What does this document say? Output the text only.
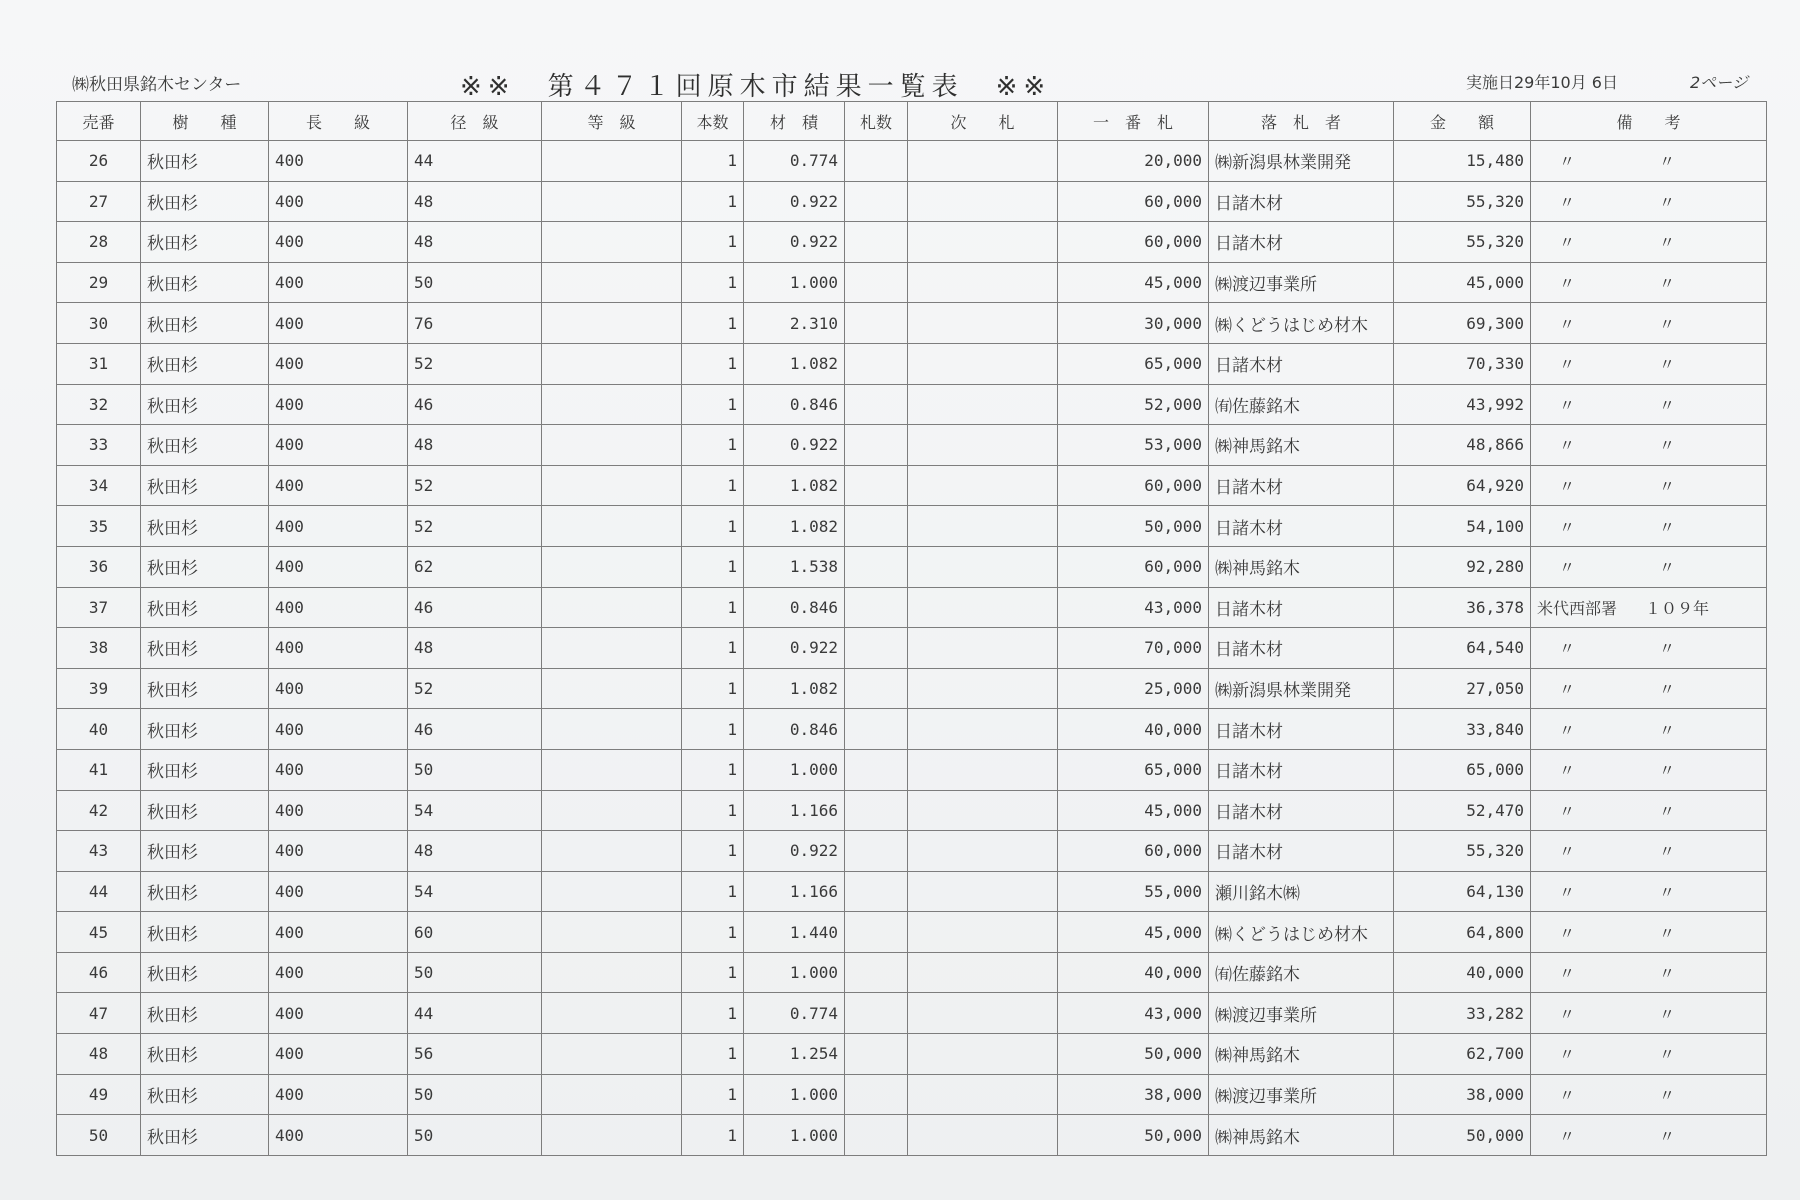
㈱秋田県銘木センター	※※　第４７１回原木市結果一覧表　※※	実施日29年10月 6日	2ページ
売番	樹　　種	長　　級	径　級	等　級	本数	材　積	札数	次　　札	一　番　札	落　札　者	金　　額	備　　考
26	秋田杉	400	44		1	0.774			20,000	㈱新潟県林業開発	15,480	〃 〃
27	秋田杉	400	48		1	0.922			60,000	日諸木材	55,320	〃 〃
28	秋田杉	400	48		1	0.922			60,000	日諸木材	55,320	〃 〃
29	秋田杉	400	50		1	1.000			45,000	㈱渡辺事業所	45,000	〃 〃
30	秋田杉	400	76		1	2.310			30,000	㈱くどうはじめ材木	69,300	〃 〃
31	秋田杉	400	52		1	1.082			65,000	日諸木材	70,330	〃 〃
32	秋田杉	400	46		1	0.846			52,000	㈲佐藤銘木	43,992	〃 〃
33	秋田杉	400	48		1	0.922			53,000	㈱神馬銘木	48,866	〃 〃
34	秋田杉	400	52		1	1.082			60,000	日諸木材	64,920	〃 〃
35	秋田杉	400	52		1	1.082			50,000	日諸木材	54,100	〃 〃
36	秋田杉	400	62		1	1.538			60,000	㈱神馬銘木	92,280	〃 〃
37	秋田杉	400	46		1	0.846			43,000	日諸木材	36,378	米代西部署 １０９年
38	秋田杉	400	48		1	0.922			70,000	日諸木材	64,540	〃 〃
39	秋田杉	400	52		1	1.082			25,000	㈱新潟県林業開発	27,050	〃 〃
40	秋田杉	400	46		1	0.846			40,000	日諸木材	33,840	〃 〃
41	秋田杉	400	50		1	1.000			65,000	日諸木材	65,000	〃 〃
42	秋田杉	400	54		1	1.166			45,000	日諸木材	52,470	〃 〃
43	秋田杉	400	48		1	0.922			60,000	日諸木材	55,320	〃 〃
44	秋田杉	400	54		1	1.166			55,000	瀬川銘木㈱	64,130	〃 〃
45	秋田杉	400	60		1	1.440			45,000	㈱くどうはじめ材木	64,800	〃 〃
46	秋田杉	400	50		1	1.000			40,000	㈲佐藤銘木	40,000	〃 〃
47	秋田杉	400	44		1	0.774			43,000	㈱渡辺事業所	33,282	〃 〃
48	秋田杉	400	56		1	1.254			50,000	㈱神馬銘木	62,700	〃 〃
49	秋田杉	400	50		1	1.000			38,000	㈱渡辺事業所	38,000	〃 〃
50	秋田杉	400	50		1	1.000			50,000	㈱神馬銘木	50,000	〃 〃
